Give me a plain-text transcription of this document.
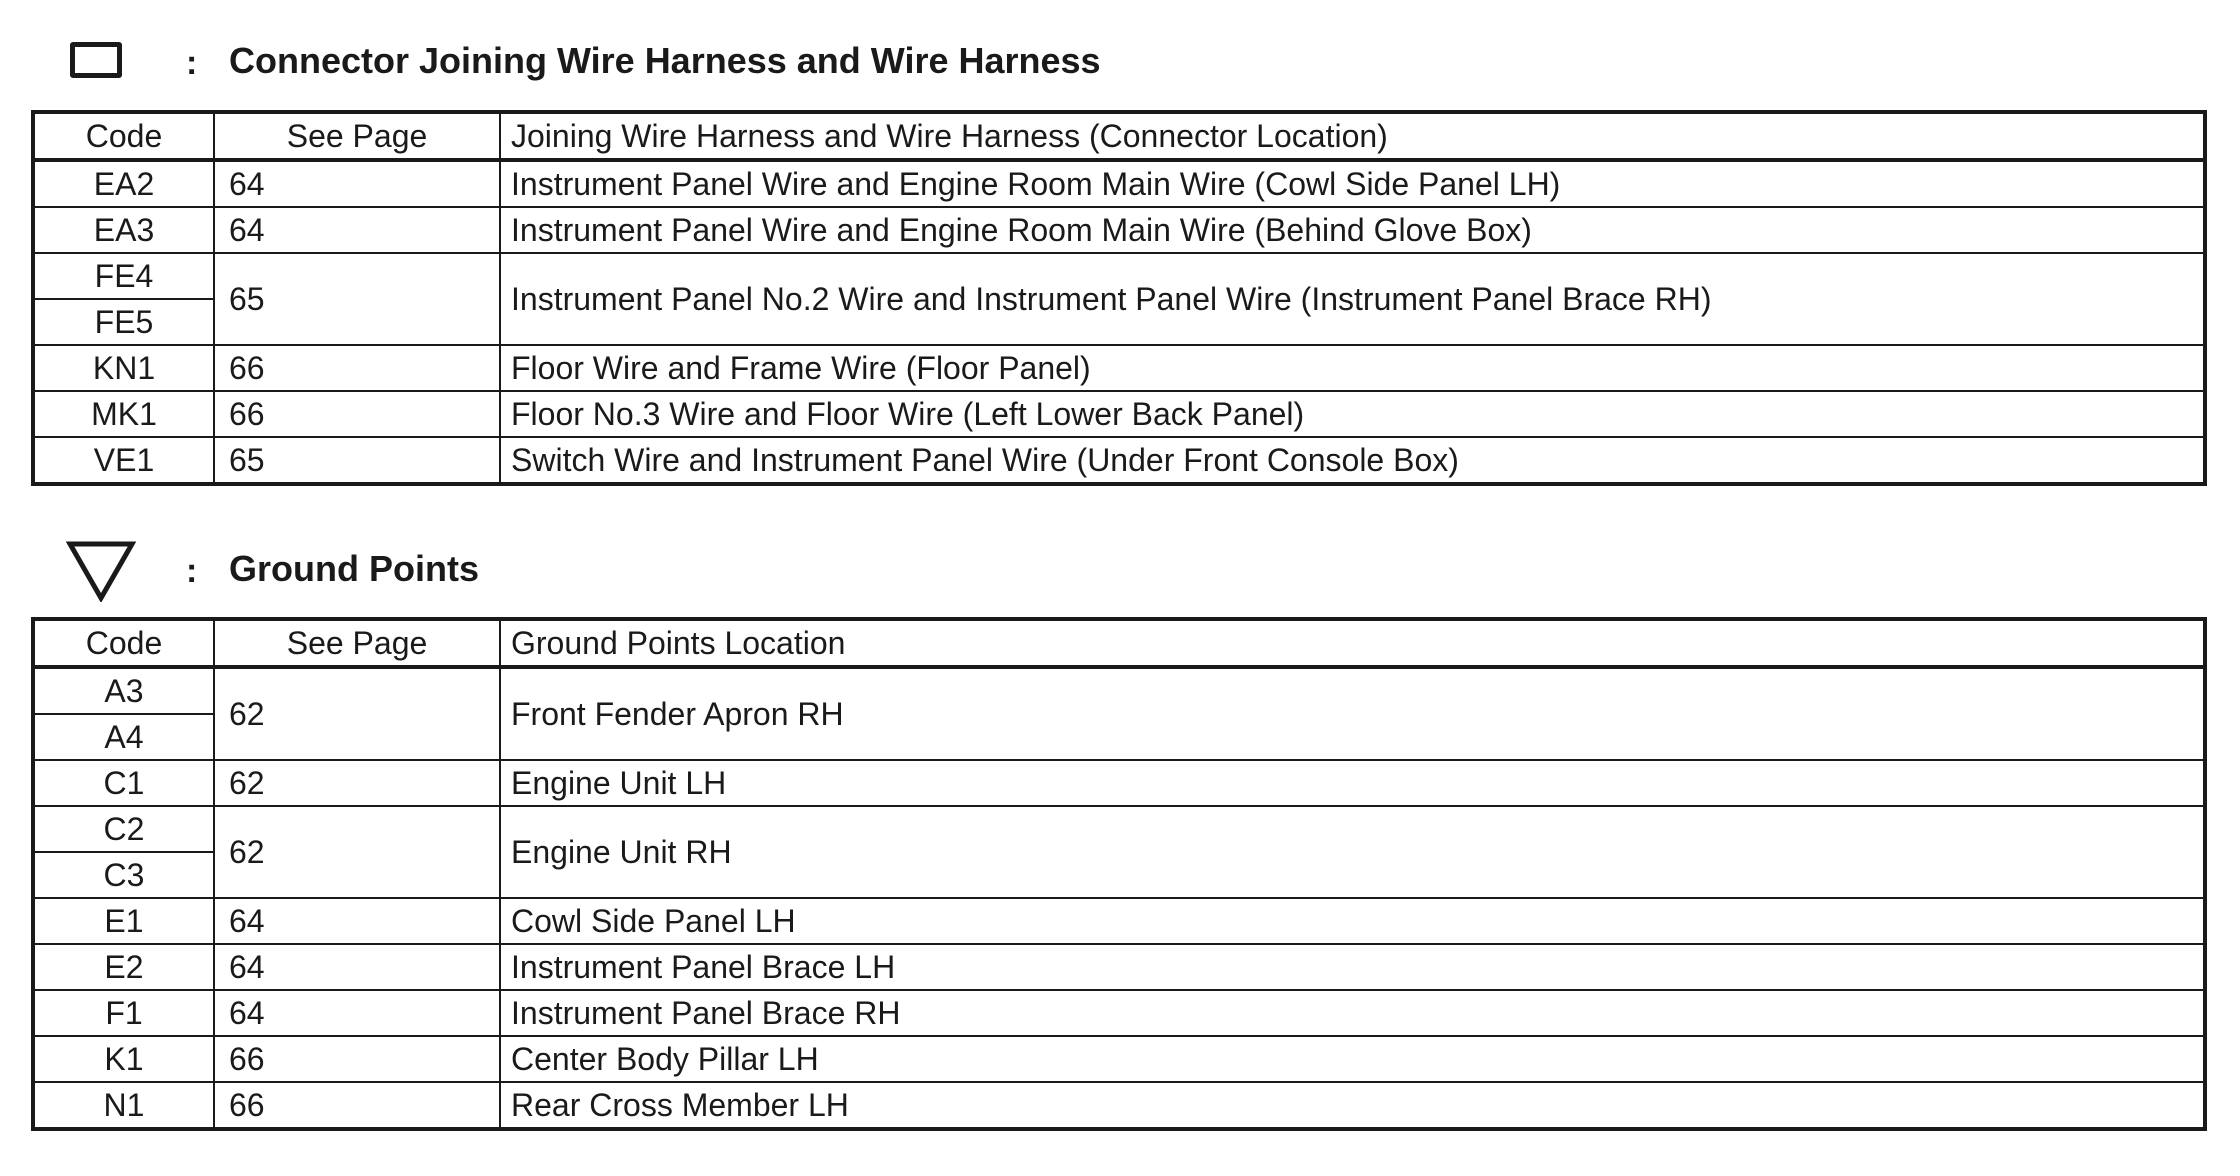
: Connector Joining Wire Harness and Wire Harness
Code	See Page	Joining Wire Harness and Wire Harness (Connector Location)
EA2	64	Instrument Panel Wire and Engine Room Main Wire (Cowl Side Panel LH)
EA3	64	Instrument Panel Wire and Engine Room Main Wire (Behind Glove Box)
FE4	65	Instrument Panel No.2 Wire and Instrument Panel Wire (Instrument Panel Brace RH)
FE5		
KN1	66	Floor Wire and Frame Wire (Floor Panel)
MK1	66	Floor No.3 Wire and Floor Wire (Left Lower Back Panel)
VE1	65	Switch Wire and Instrument Panel Wire (Under Front Console Box)
: Ground Points
Code	See Page	Ground Points Location
A3	62	Front Fender Apron RH
A4		
C1	62	Engine Unit LH
C2	62	Engine Unit RH
C3		
E1	64	Cowl Side Panel LH
E2	64	Instrument Panel Brace LH
F1	64	Instrument Panel Brace RH
K1	66	Center Body Pillar LH
N1	66	Rear Cross Member LH
